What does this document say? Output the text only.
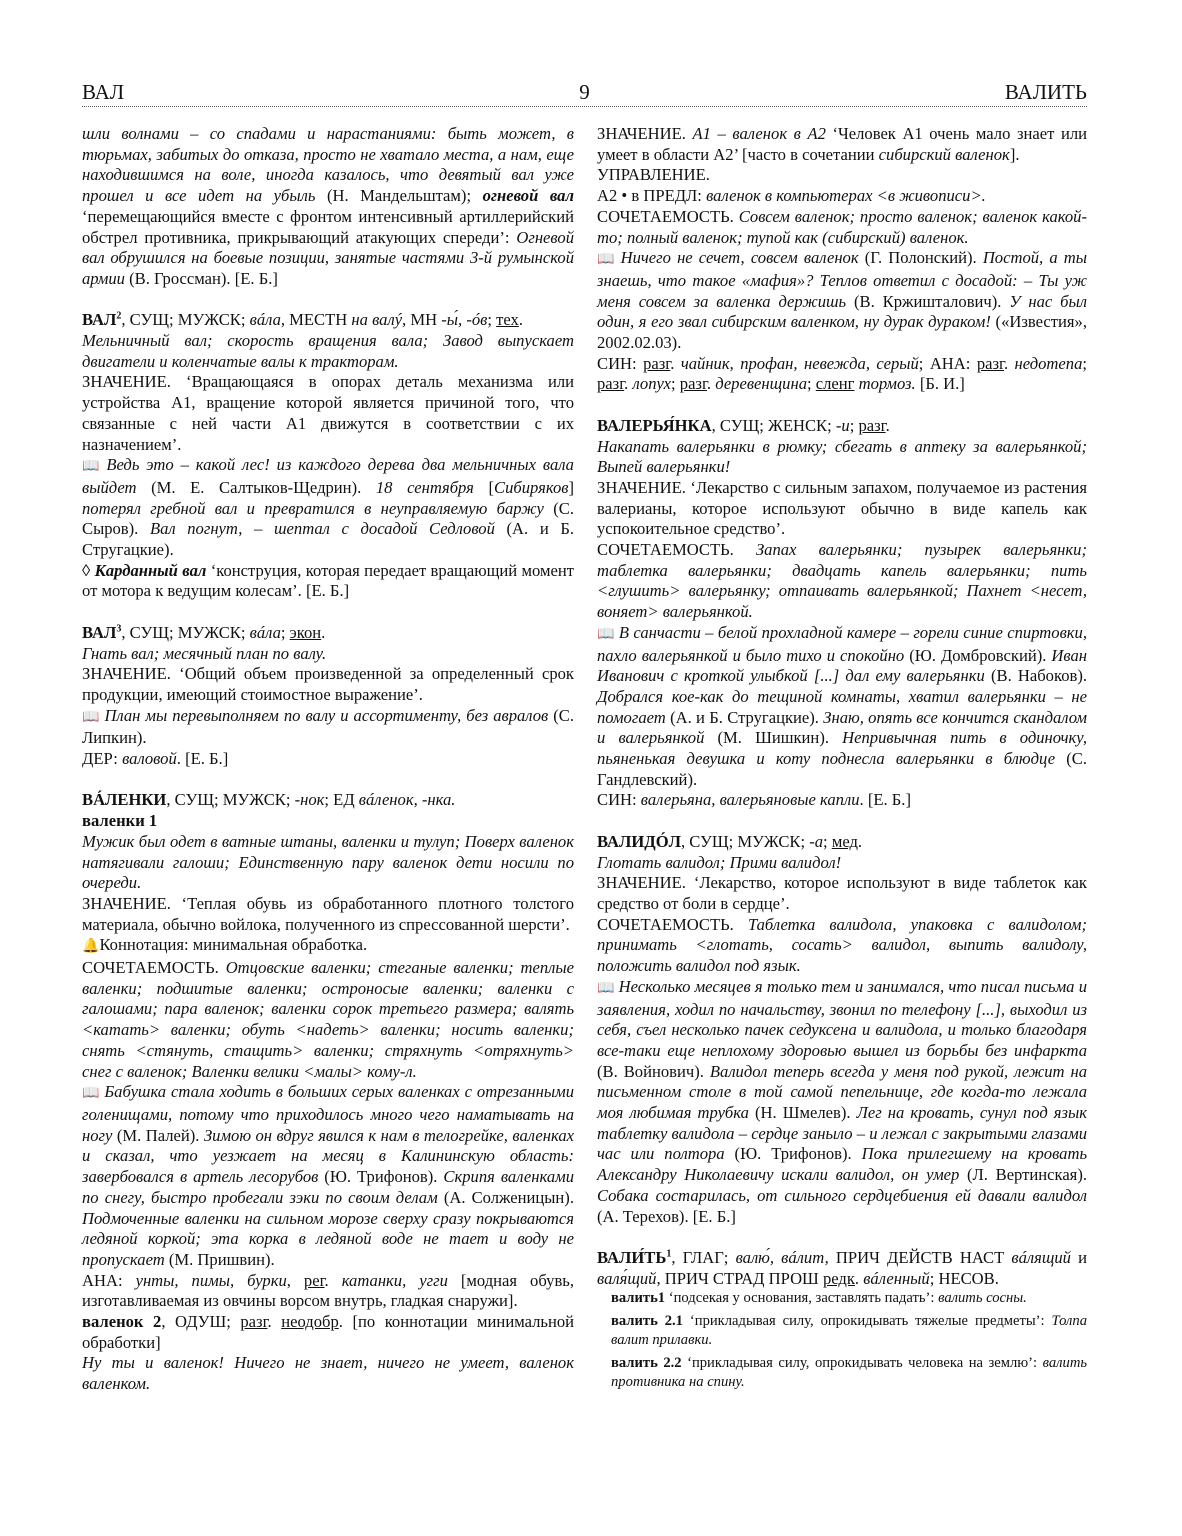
ВАЛ	9	ВАЛИТЬ

шли волнами – со спадами и нарастаниями: быть может, в тюрьмах, забитых до отказа, просто не хватало места, а нам, еще находившимся на воле, иногда казалось, что девятый вал уже прошел и все идет на убыль (Н. Мандельштам); огневой вал ‘перемещающийся вместе с фронтом интенсивный артиллерийский обстрел противника, прикрывающий атакующих спереди’: Огневой вал обрушился на боевые позиции, занятые частями 3-й румынской армии (В. Гроссман). [Е. Б.]

ВАЛ$^2$, СУЩ; МУЖСК; вáла, МЕСТН на валý, МН -ы́, -óв; тех.

Мельничный вал; скорость вращения вала; Завод выпускает двигатели и коленчатые валы к тракторам.

ЗНАЧЕНИЕ. ‘Вращающаяся в опорах деталь механизма или устройства А1, вращение которой является причиной того, что связанные с ней части А1 движутся в соответствии с их назначением’.

📖 Ведь это – какой лес! из каждого дерева два мельничных вала выйдет (М. Е. Салтыков-Щедрин). 18 сентября [Сибиряков] потерял гребной вал и превратился в неуправляемую баржу (С. Сыров). Вал погнут, – шептал с досадой Седловой (А. и Б. Стругацкие).

◊ Карданный вал ‘конструция, которая передает вращающий момент от мотора к ведущим колесам’. [Е. Б.]

ВАЛ$^3$, СУЩ; МУЖСК; вáла; экон.

Гнать вал; месячный план по валу.

ЗНАЧЕНИЕ. ‘Общий объем произведенной за определенный срок продукции, имеющий стоимостное выражение’.

📖 План мы перевыполняем по валу и ассортименту, без авралов (С. Липкин).

ДЕР: валовой. [Е. Б.]

ВÁЛЕНКИ, СУЩ; МУЖСК; -нок; ЕД вáленок, -нка.

валенки 1

Мужик был одет в ватные штаны, валенки и тулуп; Поверх валенок натягивали галоши; Единственную пару валенок дети носили по очереди.

ЗНАЧЕНИЕ. ‘Теплая обувь из обработанного плотного толстого материала, обычно войлока, полученного из спрессованной шерсти’.

🔔Коннотация: минимальная обработка.

СОЧЕТАЕМОСТЬ. Отцовские валенки; стеганые валенки; теплые валенки; подшитые валенки; остроносые валенки; валенки с галошами; пара валенок; валенки сорок третьего размера; валять <катать> валенки; обуть <надеть> валенки; носить валенки; снять <стянуть, стащить> валенки; стряхнуть <отряхнуть> снег с валенок; Валенки велики <малы> кому-л.

📖 Бабушка стала ходить в больших серых валенках с отрезанными голенищами, потому что приходилось много чего наматывать на ногу (М. Палей). Зимою он вдруг явился к нам в телогрейке, валенках и сказал, что уезжает на месяц в Калининскую область: завербовался в артель лесорубов (Ю. Трифонов). Скрипя валенками по снегу, быстро пробегали зэки по своим делам (А. Солженицын). Подмоченные валенки на сильном морозе сверху сразу покрываются ледяной коркой; эта корка в ледяной воде не тает и воду не пропускает (М. Пришвин).

АНА: унты, пимы, бурки, рег. катанки, угги [модная обувь, изготавливаемая из овчины ворсом внутрь, гладкая снаружи].

валенок 2, ОДУШ; разг. неодобр. [по коннотации минимальной обработки]

Ну ты и валенок! Ничего не знает, ничего не умеет, валенок валенком.

ЗНАЧЕНИЕ. А1 – валенок в А2 ‘Человек А1 очень мало знает или умеет в области А2’ [часто в сочетании сибирский валенок].

УПРАВЛЕНИЕ.

А2 • в ПРЕДЛ: валенок в компьютерах <в живописи>.

СОЧЕТАЕМОСТЬ. Совсем валенок; просто валенок; валенок какой-то; полный валенок; тупой как (сибирский) валенок.

📖 Ничего не сечет, совсем валенок (Г. Полонский). Постой, а ты знаешь, что такое «мафия»? Теплов ответил с досадой: – Ты уж меня совсем за валенка держишь (В. Кржишталович). У нас был один, я его звал сибирским валенком, ну дурак дураком! («Известия», 2002.02.03).

СИН: разг. чайник, профан, невежда, серый; АНА: разг. недотепа; разг. лопух; разг. деревенщина; сленг тормоз. [Б. И.]

ВАЛЕРЬЯ́НКА, СУЩ; ЖЕНСК; -и; разг.

Накапать валерьянки в рюмку; сбегать в аптеку за валерьянкой; Выпей валерьянки!

ЗНАЧЕНИЕ. ‘Лекарство с сильным запахом, получаемое из растения валерианы, которое используют обычно в виде капель как успокоительное средство’.

СОЧЕТАЕМОСТЬ. Запах валерьянки; пузырек валерьянки; таблетка валерьянки; двадцать капель валерьянки; пить <глушить> валерьянку; отпаивать валерьянкой; Пахнет <несет, воняет> валерьянкой.

📖 В санчасти – белой прохладной камере – горели синие спиртовки, пахло валерьянкой и было тихо и спокойно (Ю. Домбровский). Иван Иванович с кроткой улыбкой [...] дал ему валерьянки (В. Набоков). Добрался кое-как до тещиной комнаты, хватил валерьянки – не помогает (А. и Б. Стругацкие). Знаю, опять все кончится скандалом и валерьянкой (М. Шишкин). Непривычная пить в одиночку, пьяненькая девушка и коту поднесла валерьянки в блюдце (С. Гандлевский).

СИН: валерьяна, валерьяновые капли. [Е. Б.]

ВАЛИДÓЛ, СУЩ; МУЖСК; -а; мед.

Глотать валидол; Прими валидол!

ЗНАЧЕНИЕ. ‘Лекарство, которое используют в виде таблеток как средство от боли в сердце’.

СОЧЕТАЕМОСТЬ. Таблетка валидола, упаковка с валидолом; принимать <глотать, сосать> валидол, выпить валидолу, положить валидол под язык.

📖 Несколько месяцев я только тем и занимался, что писал письма и заявления, ходил по начальству, звонил по телефону [...], выходил из себя, съел несколько пачек седуксена и валидола, и только благодаря все-таки еще неплохому здоровью вышел из борьбы без инфаркта (В. Войнович). Валидол теперь всегда у меня под рукой, лежит на письменном столе в той самой пепельнице, где когда-то лежала моя любимая трубка (Н. Шмелев). Лег на кровать, сунул под язык таблетку валидола – сердце заныло – и лежал с закрытыми глазами час или полтора (Ю. Трифонов). Пока прилегшему на кровать Александру Николаевичу искали валидол, он умер (Л. Вертинская). Собака состарилась, от сильного сердцебиения ей давали валидол (А. Терехов). [Е. Б.]

$ВАЛИ́ТЬ^1$, ГЛАГ; валю́, вáлит, ПРИЧ ДЕЙСТВ НАСТ вáлящий и валя́щий, ПРИЧ СТРАД ПРОШ редк. вáленный; НЕСОВ.

валить1 ‘подсекая у основания, заставлять падать’: валить сосны.

валить 2.1 ‘прикладывая силу, опрокидывать тяжелые предметы’: Толпа валит прилавки.

валить 2.2 ‘прикладывая силу, опрокидывать человека на землю’: валить противника на спину.
